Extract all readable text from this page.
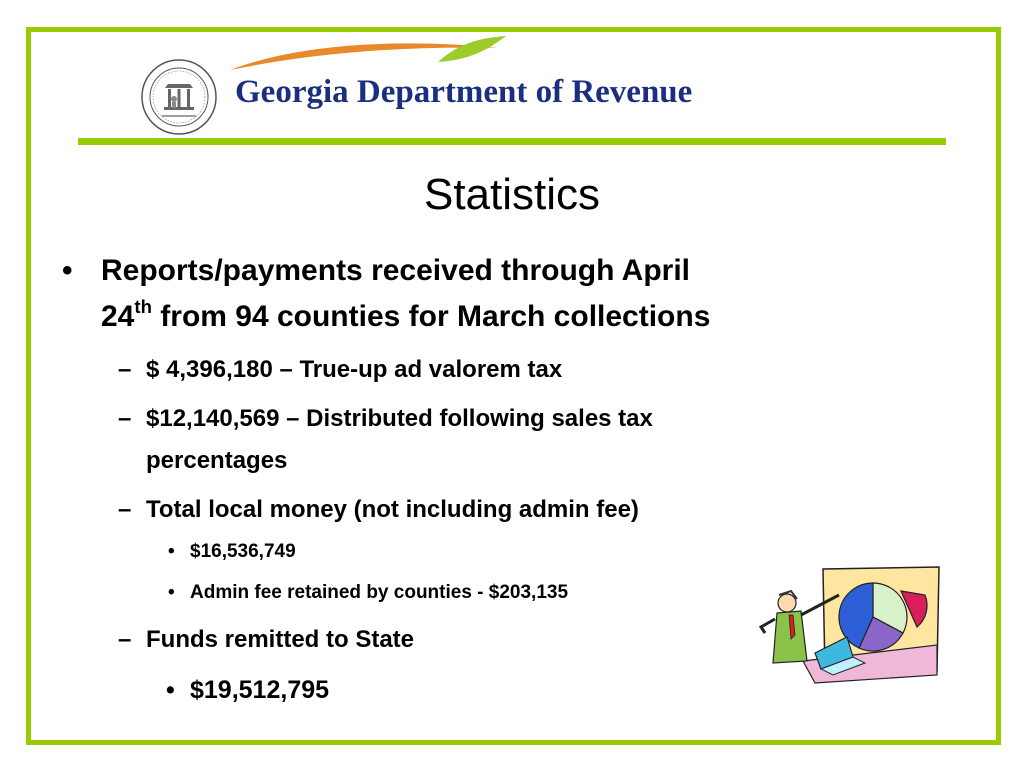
Georgia Department of Revenue
Statistics
• Reports/payments received through April
24th from 94 counties for March collections
– $ 4,396,180 – True-up ad valorem tax
– $12,140,569 – Distributed following sales tax
percentages
– Total local money (not including admin fee)
• $16,536,749
• Admin fee retained by counties - $203,135
– Funds remitted to State
• $19,512,795
